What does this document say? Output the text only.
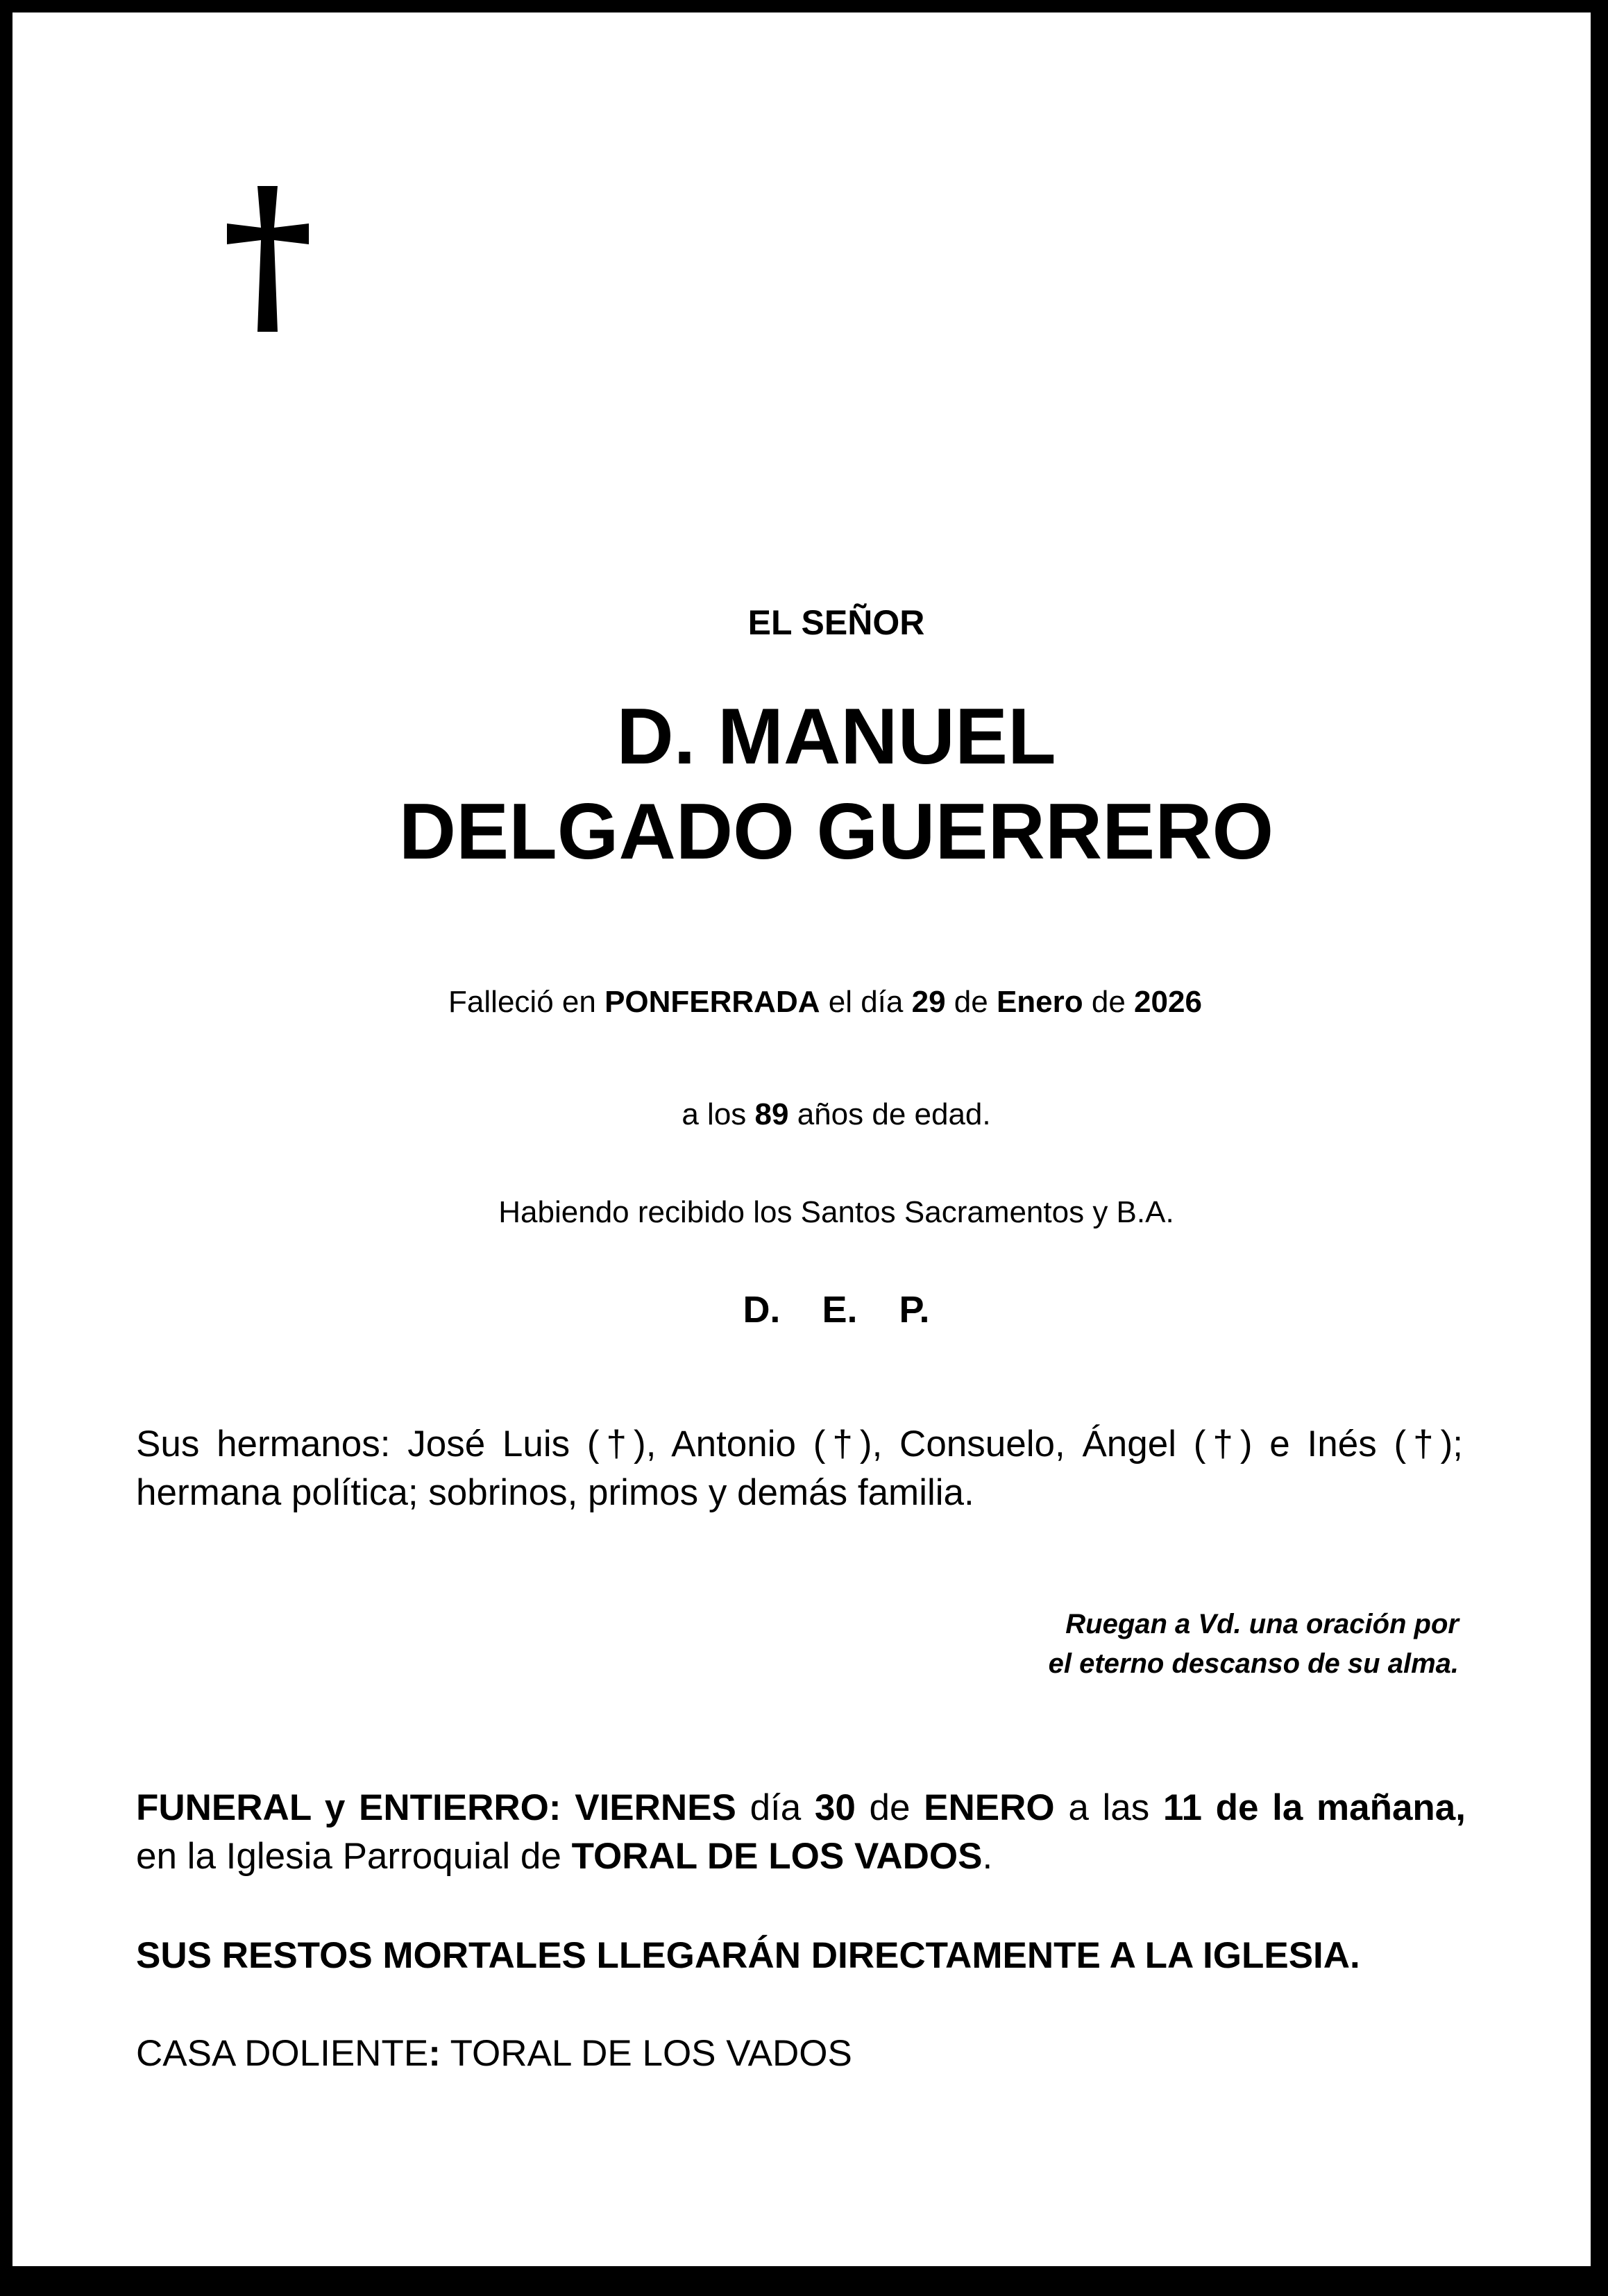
EL SEÑOR
D. MANUEL
DELGADO GUERRERO
Falleció en PONFERRADA el día 29 de Enero de 2026
a los 89 años de edad.
Habiendo recibido los Santos Sacramentos y B.A.
D.    E.    P.
Sus hermanos: José Luis (†), Antonio (†), Consuelo, Ángel (†) e Inés (†); hermana política; sobrinos, primos y demás familia.
Ruegan a Vd. una oración por
el eterno descanso de su alma.
FUNERAL y ENTIERRO: VIERNES día 30 de ENERO a las 11 de la mañana, en la Iglesia Parroquial de TORAL DE LOS VADOS.
SUS RESTOS MORTALES LLEGARÁN DIRECTAMENTE A LA IGLESIA.
CASA DOLIENTE: TORAL DE LOS VADOS
